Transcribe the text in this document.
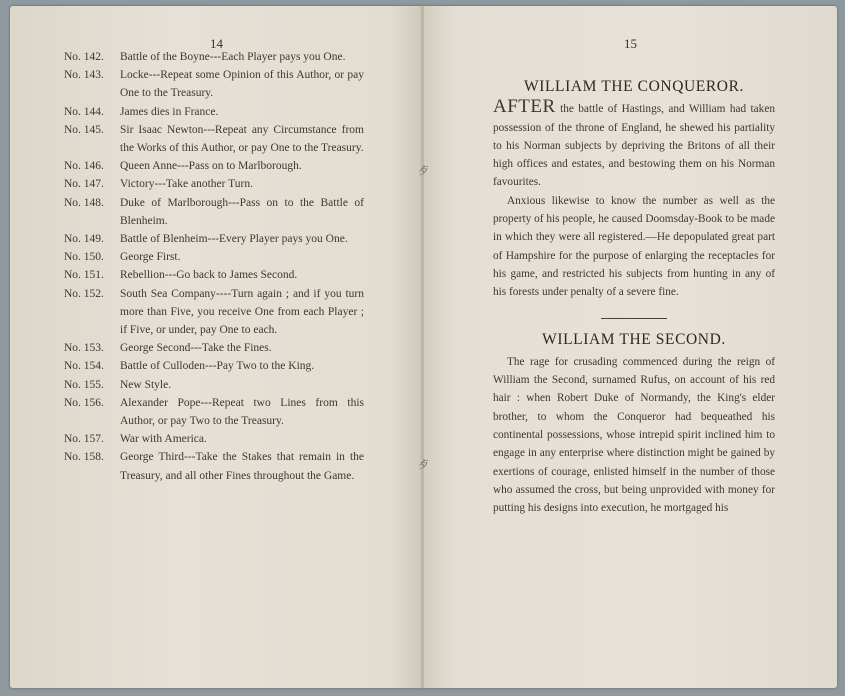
⺞
⺞
14	15
No. 142. Battle of the Boyne---Each Player pays you One.
No. 143. Locke---Repeat some Opinion of this Author, or pay One to the Treasury.
No. 144. James dies in France.
No. 145. Sir Isaac Newton---Repeat any Circumstance from the Works of this Author, or pay One to the Treasury.
No. 146. Queen Anne---Pass on to Marlborough.
No. 147. Victory---Take another Turn.
No. 148. Duke of Marlborough---Pass on to the Battle of Blenheim.
No. 149. Battle of Blenheim---Every Player pays you One.
No. 150. George First.
No. 151. Rebellion---Go back to James Second.
No. 152. South Sea Company----Turn again ; and if you turn more than Five, you receive One from each Player ; if Five, or under, pay One to each.
No. 153. George Second---Take the Fines.
No. 154. Battle of Culloden---Pay Two to the King.
No. 155. New Style.
No. 156. Alexander Pope---Repeat two Lines from this Author, or pay Two to the Treasury.
No. 157. War with America.
No. 158. George Third---Take the Stakes that remain in the Treasury, and all other Fines throughout the Game.
WILLIAM THE CONQUEROR.

AFTER the battle of Hastings, and William had taken possession of the throne of England, he shewed his partiality to his Norman subjects by depriving the Britons of all their high offices and estates, and bestowing them on his Norman favourites.

Anxious likewise to know the number as well as the property of his people, he caused Doomsday-Book to be made in which they were all registered.—He depopulated great part of Hampshire for the purpose of enlarging the receptacles for his game, and restricted his subjects from hunting in any of his forests under penalty of a severe fine.

WILLIAM THE SECOND.

The rage for crusading commenced during the reign of William the Second, surnamed Rufus, on account of his red hair : when Robert Duke of Normandy, the King's elder brother, to whom the Conqueror had bequeathed his continental possessions, whose intrepid spirit inclined him to engage in any enterprise where distinction might be gained by exertions of courage, enlisted himself in the number of those who assumed the cross, but being unprovided with money for putting his designs into execution, he mortgaged his
